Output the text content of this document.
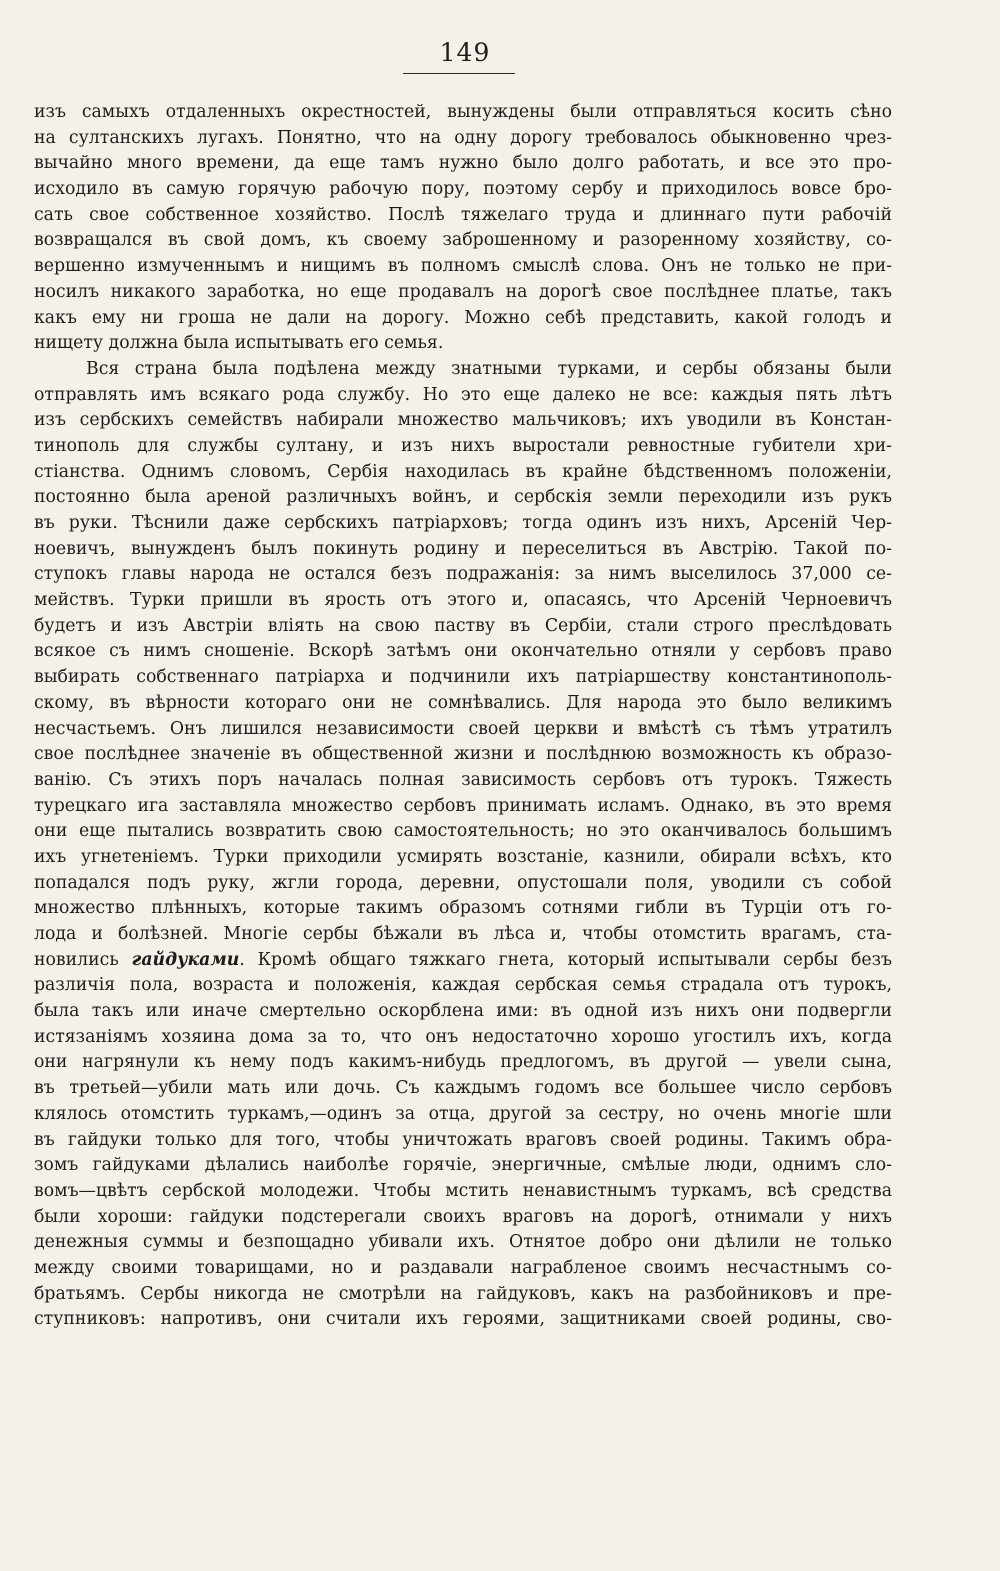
149
изъ самыхъ отдаленныхъ окрестностей, вынуждены были отправляться косить сѣно
на султанскихъ лугахъ. Понятно, что на одну дорогу требовалось обыкновенно чрез-
вычайно много времени, да еще тамъ нужно было долго работать, и все это про-
исходило въ самую горячую рабочую пору, поэтому сербу и приходилось вовсе бро-
сать свое собственное хозяйство. Послѣ тяжелаго труда и длиннаго пути рабочій
возвращался въ свой домъ, къ своему заброшенному и разоренному хозяйству, со-
вершенно измученнымъ и нищимъ въ полномъ смыслѣ слова. Онъ не только не при-
носилъ никакого заработка, но еще продавалъ на дорогѣ свое послѣднее платье, такъ
какъ ему ни гроша не дали на дорогу. Можно себѣ представить, какой голодъ и
нищету должна была испытывать его семья.
Вся страна была подѣлена между знатными турками, и сербы обязаны были
отправлять имъ всякаго рода службу. Но это еще далеко не все: каждыя пять лѣтъ
изъ сербскихъ семействъ набирали множество мальчиковъ; ихъ уводили въ Констан-
тинополь для службы султану, и изъ нихъ выростали ревностные губители хри-
стіанства. Однимъ словомъ, Сербія находилась въ крайне бѣдственномъ положеніи,
постоянно была ареной различныхъ войнъ, и сербскія земли переходили изъ рукъ
въ руки. Тѣснили даже сербскихъ патріарховъ; тогда одинъ изъ нихъ, Арсеній Чер-
ноевичъ, вынужденъ былъ покинуть родину и переселиться въ Австрію. Такой по-
ступокъ главы народа не остался безъ подражанія: за нимъ выселилось 37,000 се-
мействъ. Турки пришли въ ярость отъ этого и, опасаясь, что Арсеній Черноевичъ
будетъ и изъ Австріи вліять на свою паству въ Сербіи, стали строго преслѣдовать
всякое съ нимъ сношеніе. Вскорѣ затѣмъ они окончательно отняли у сербовъ право
выбирать собственнаго патріарха и подчинили ихъ патріаршеству константинополь-
скому, въ вѣрности котораго они не сомнѣвались. Для народа это было великимъ
несчастьемъ. Онъ лишился независимости своей церкви и вмѣстѣ съ тѣмъ утратилъ
свое послѣднее значеніе въ общественной жизни и послѣднюю возможность къ образо-
ванію. Съ этихъ поръ началась полная зависимость сербовъ отъ турокъ. Тяжесть
турецкаго ига заставляла множество сербовъ принимать исламъ. Однако, въ это время
они еще пытались возвратить свою самостоятельность; но это оканчивалось большимъ
ихъ угнетеніемъ. Турки приходили усмирять возстаніе, казнили, обирали всѣхъ, кто
попадался подъ руку, жгли города, деревни, опустошали поля, уводили съ собой
множество плѣнныхъ, которые такимъ образомъ сотнями гибли въ Турціи отъ го-
лода и болѣзней. Многіе сербы бѣжали въ лѣса и, чтобы отомстить врагамъ, ста-
новились гайдуками. Кромѣ общаго тяжкаго гнета, который испытывали сербы безъ
различія пола, возраста и положенія, каждая сербская семья страдала отъ турокъ,
была такъ или иначе смертельно оскорблена ими: въ одной изъ нихъ они подвергли
истязаніямъ хозяина дома за то, что онъ недостаточно хорошо угостилъ ихъ, когда
они нагрянули къ нему подъ какимъ-нибудь предлогомъ, въ другой — увели сына,
въ третьей—убили мать или дочь. Съ каждымъ годомъ все большее число сербовъ
клялось отомстить туркамъ,—одинъ за отца, другой за сестру, но очень многіе шли
въ гайдуки только для того, чтобы уничтожать враговъ своей родины. Такимъ обра-
зомъ гайдуками дѣлались наиболѣе горячіе, энергичные, смѣлые люди, однимъ сло-
вомъ—цвѣтъ сербской молодежи. Чтобы мстить ненавистнымъ туркамъ, всѣ средства
были хороши: гайдуки подстерегали своихъ враговъ на дорогѣ, отнимали у нихъ
денежныя суммы и безпощадно убивали ихъ. Отнятое добро они дѣлили не только
между своими товарищами, но и раздавали награбленое своимъ несчастнымъ со-
братьямъ. Сербы никогда не смотрѣли на гайдуковъ, какъ на разбойниковъ и пре-
ступниковъ: напротивъ, они считали ихъ героями, защитниками своей родины, сво-
